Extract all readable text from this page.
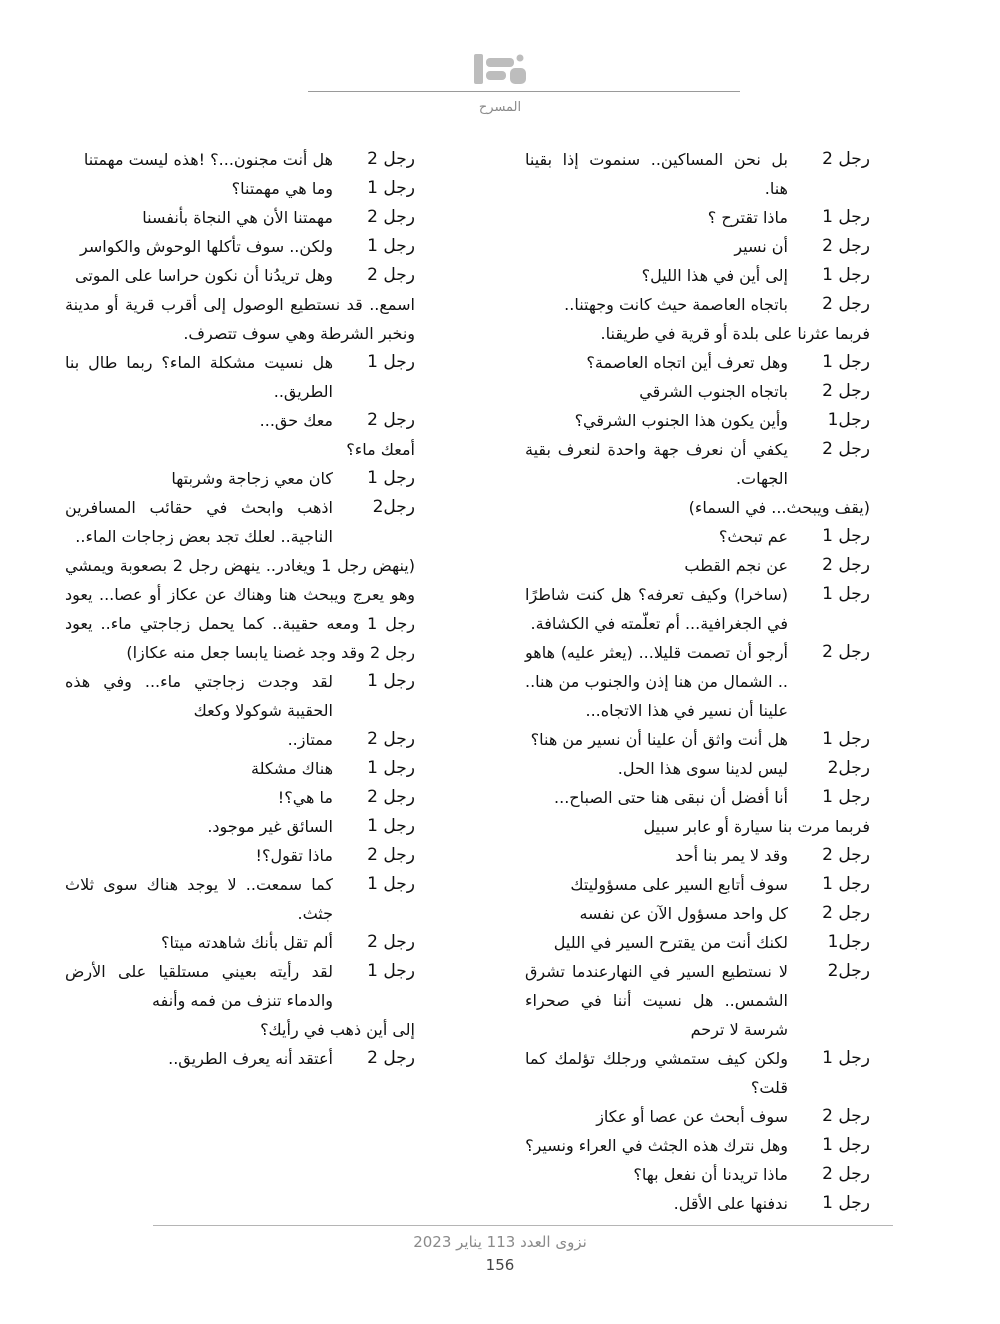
المسرح
رجل 2
بل نحن المساكين.. سنموت إذا بقينا هنا.
رجل 1
ماذا تقترح ؟
رجل 2
أن نسير
رجل 1
إلى أين في هذا الليل؟
رجل 2
باتجاه العاصمة حيث كانت وجهتنا..
فربما عثرنا على بلدة أو قرية في طريقنا.
رجل 1
وهل تعرف أين اتجاه العاصمة؟
رجل 2
باتجاه الجنوب الشرقي
رجل1
وأين يكون هذا الجنوب الشرقي؟
رجل 2
يكفي أن نعرف جهة واحدة لنعرف بقية الجهات.
(يقف ويبحث... في السماء)
رجل 1
عم تبحث؟
رجل 2
عن نجم القطب
رجل 1
(ساخرا) وكيف تعرفه؟ هل كنت شاطرًا في الجغرافية... أم تعلّمته في الكشافة.
رجل 2
أرجو أن تصمت قليلا... (يعثر عليه) هاهو .. الشمال من هنا إذن والجنوب من هنا.. علينا أن نسير في هذا الاتجاه...
رجل 1
هل أنت واثق أن علينا أن نسير من هنا؟
رجل2
ليس لدينا سوى هذا الحل.
رجل 1
أنا أفضل أن نبقى هنا حتى الصباح...
فربما مرت بنا سيارة أو عابر سبيل
رجل 2
وقد لا يمر بنا أحد
رجل 1
سوف أتابع السير على مسؤوليتك
رجل 2
كل واحد مسؤول الآن عن نفسه
رجل1
لكنك أنت من يقترح السير في الليل
رجل2
لا نستطيع السير في النهارعندما تشرق الشمس.. هل نسيت أننا في صحراء شرسة لا ترحم
رجل 1
ولكن كيف ستمشي ورجلك تؤلمك كما قلت؟
رجل 2
سوف أبحث عن عصا أو عكاز
رجل 1
وهل نترك هذه الجثث في العراء ونسير؟
رجل 2
ماذا تريدنا أن نفعل بها؟
رجل 1
ندفنها على الأقل.
رجل 2
هل أنت مجنون...؟ !هذه ليست مهمتنا
رجل 1
وما هي مهمتنا؟
رجل 2
مهمتنا الأن هي النجاة بأنفسنا
رجل 1
ولكن.. سوف تأكلها الوحوش والكواسر
رجل 2
وهل تريدُنا أن نكون حراسا على الموتى
اسمع.. قد نستطيع الوصول إلى أقرب قرية أو مدينة ونخبر الشرطة وهي سوف تتصرف.
رجل 1
هل نسيت مشكلة الماء؟ ربما طال بنا الطريق..
رجل 2
معك حق...
أمعك ماء؟
رجل 1
كان معي زجاجة وشربتها
رجل2
اذهب وابحث في حقائب المسافرين الناجية.. لعلك تجد بعض زجاجات الماء..
(ينهض رجل 1 ويغادر.. ينهض رجل 2 بصعوبة ويمشي وهو يعرج ويبحث هنا وهناك عن عكاز أو عصا... يعود رجل 1 ومعه حقيبة.. كما يحمل زجاجتي ماء.. يعود رجل 2 وقد وجد غصنا يابسا جعل منه عكازا)
رجل 1
لقد وجدت زجاجتي ماء... وفي هذه الحقيبة شوكولا وكعك
رجل 2
ممتاز..
رجل 1
هناك مشكلة
رجل 2
ما هي؟!
رجل 1
السائق غير موجود.
رجل 2
ماذا تقول؟!
رجل 1
كما سمعت.. لا يوجد هناك سوى ثلاث جثث.
رجل 2
ألم تقل بأنك شاهدته ميتا؟
رجل 1
لقد رأيته بعيني مستلقيا على الأرض والدماء تنزف من فمه وأنفه
إلى أين ذهب في رأيك؟
رجل 2
أعتقد أنه يعرف الطريق..
نزوى العدد 113 يناير 2023
156
